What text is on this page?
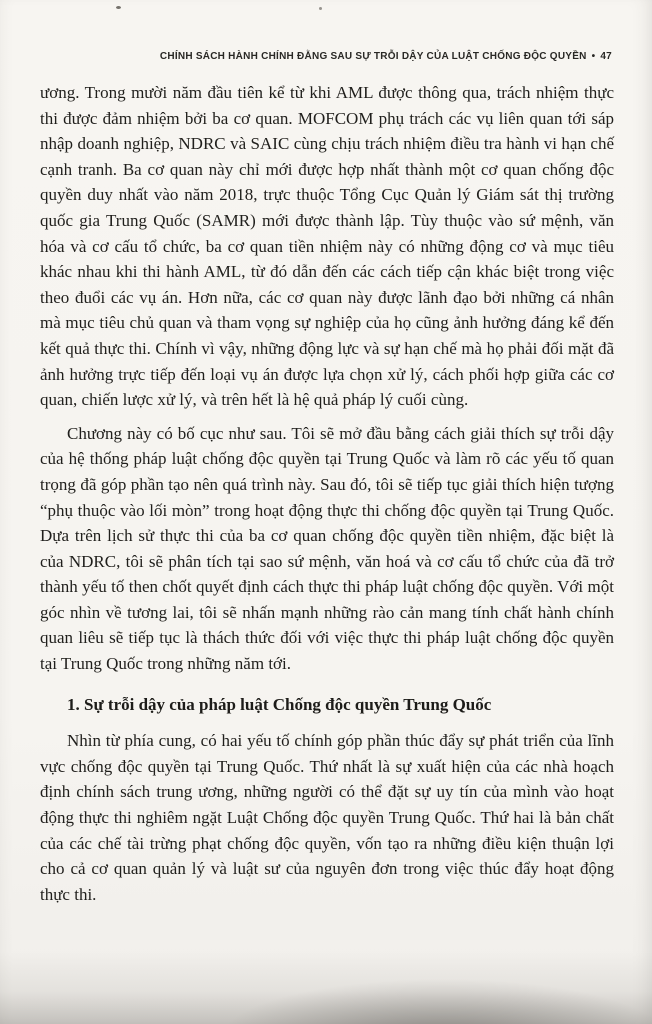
CHÍNH SÁCH HÀNH CHÍNH ĐẰNG SAU SỰ TRỖI DẬY CỦA LUẬT CHỐNG ĐỘC QUYỀN • 47

ương. Trong mười năm đầu tiên kể từ khi AML được thông qua, trách nhiệm thực thi được đảm nhiệm bởi ba cơ quan. MOFCOM phụ trách các vụ liên quan tới sáp nhập doanh nghiệp, NDRC và SAIC cùng chịu trách nhiệm điều tra hành vi hạn chế cạnh tranh. Ba cơ quan này chỉ mới được hợp nhất thành một cơ quan chống độc quyền duy nhất vào năm 2018, trực thuộc Tổng Cục Quản lý Giám sát thị trường quốc gia Trung Quốc (SAMR) mới được thành lập. Tùy thuộc vào sứ mệnh, văn hóa và cơ cấu tổ chức, ba cơ quan tiền nhiệm này có những động cơ và mục tiêu khác nhau khi thi hành AML, từ đó dẫn đến các cách tiếp cận khác biệt trong việc theo đuổi các vụ án. Hơn nữa, các cơ quan này được lãnh đạo bởi những cá nhân mà mục tiêu chủ quan và tham vọng sự nghiệp của họ cũng ảnh hưởng đáng kể đến kết quả thực thi. Chính vì vậy, những động lực và sự hạn chế mà họ phải đối mặt đã ảnh hưởng trực tiếp đến loại vụ án được lựa chọn xử lý, cách phối hợp giữa các cơ quan, chiến lược xử lý, và trên hết là hệ quả pháp lý cuối cùng.

Chương này có bố cục như sau. Tôi sẽ mở đầu bằng cách giải thích sự trỗi dậy của hệ thống pháp luật chống độc quyền tại Trung Quốc và làm rõ các yếu tố quan trọng đã góp phần tạo nên quá trình này. Sau đó, tôi sẽ tiếp tục giải thích hiện tượng “phụ thuộc vào lối mòn” trong hoạt động thực thi chống độc quyền tại Trung Quốc. Dựa trên lịch sử thực thi của ba cơ quan chống độc quyền tiền nhiệm, đặc biệt là của NDRC, tôi sẽ phân tích tại sao sứ mệnh, văn hoá và cơ cấu tổ chức của đã trở thành yếu tố then chốt quyết định cách thực thi pháp luật chống độc quyền. Với một góc nhìn về tương lai, tôi sẽ nhấn mạnh những rào cản mang tính chất hành chính quan liêu sẽ tiếp tục là thách thức đối với việc thực thi pháp luật chống độc quyền tại Trung Quốc trong những năm tới.

1. Sự trỗi dậy của pháp luật Chống độc quyền Trung Quốc

Nhìn từ phía cung, có hai yếu tố chính góp phần thúc đẩy sự phát triển của lĩnh vực chống độc quyền tại Trung Quốc. Thứ nhất là sự xuất hiện của các nhà hoạch định chính sách trung ương, những người có thể đặt sự uy tín của mình vào hoạt động thực thi nghiêm ngặt Luật Chống độc quyền Trung Quốc. Thứ hai là bản chất của các chế tài trừng phạt chống độc quyền, vốn tạo ra những điều kiện thuận lợi cho cả cơ quan quản lý và luật sư của nguyên đơn trong việc thúc đẩy hoạt động thực thi.
